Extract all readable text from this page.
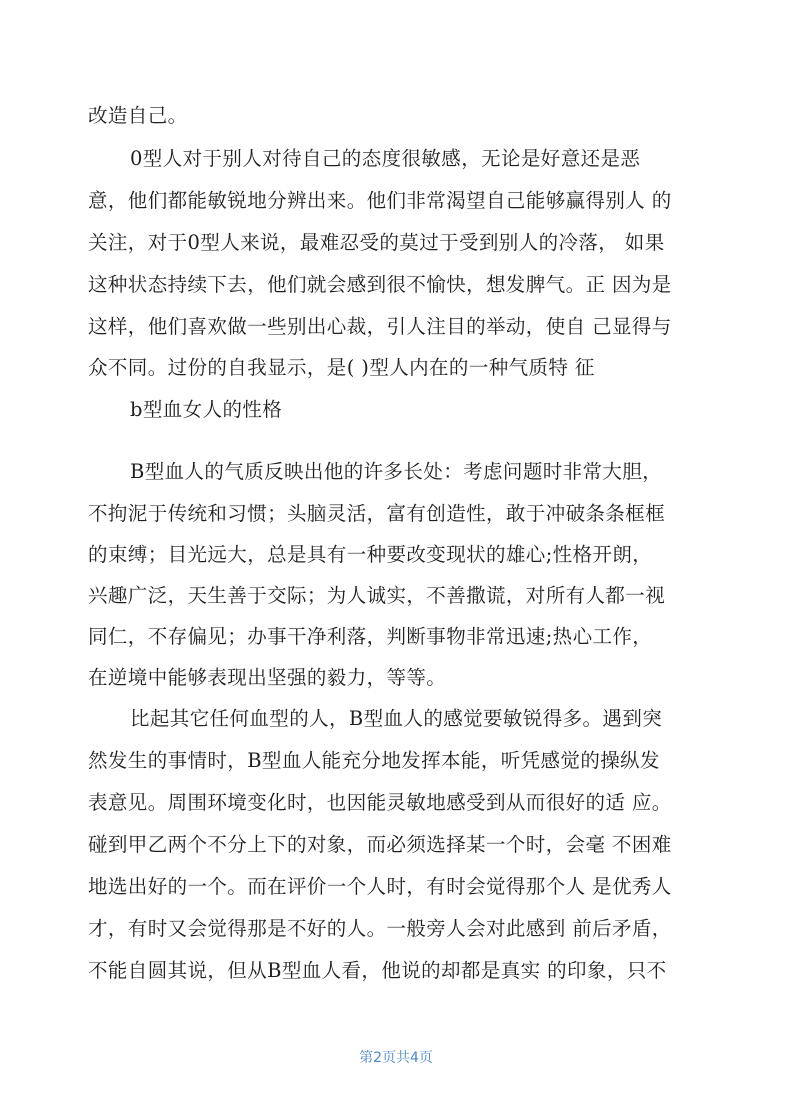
改造自己。
0型人对于别人对待自己的态度很敏感，无论是好意还是恶
意，他们都能敏锐地分辨出来。他们非常渴望自己能够赢得别人 的
关注，对于0型人来说，最难忍受的莫过于受到别人的冷落， 如果
这种状态持续下去，他们就会感到很不愉快，想发脾气。正 因为是
这样，他们喜欢做一些别出心裁，引人注目的举动，使自 己显得与
众不同。过份的自我显示，是( )型人内在的一种气质特 征
b型血女人的性格
B型血人的气质反映出他的许多长处：考虑问题时非常大胆，
不拘泥于传统和习惯；头脑灵活，富有创造性，敢于冲破条条框框
的束缚；目光远大，总是具有一种要改变现状的雄心;性格开朗，
兴趣广泛，天生善于交际；为人诚实，不善撒谎，对所有人都一视
同仁，不存偏见；办事干净利落，判断事物非常迅速;热心工作，
在逆境中能够表现出坚强的毅力，等等。
比起其它任何血型的人，B型血人的感觉要敏锐得多。遇到突
然发生的事情时，B型血人能充分地发挥本能，听凭感觉的操纵发
表意见。周围环境变化时，也因能灵敏地感受到从而很好的适 应。
碰到甲乙两个不分上下的对象，而必须选择某一个时，会毫 不困难
地选出好的一个。而在评价一个人时，有时会觉得那个人 是优秀人
才，有时又会觉得那是不好的人。一般旁人会对此感到 前后矛盾，
不能自圆其说，但从B型血人看，他说的却都是真实 的印象，只不
第2页共4页
